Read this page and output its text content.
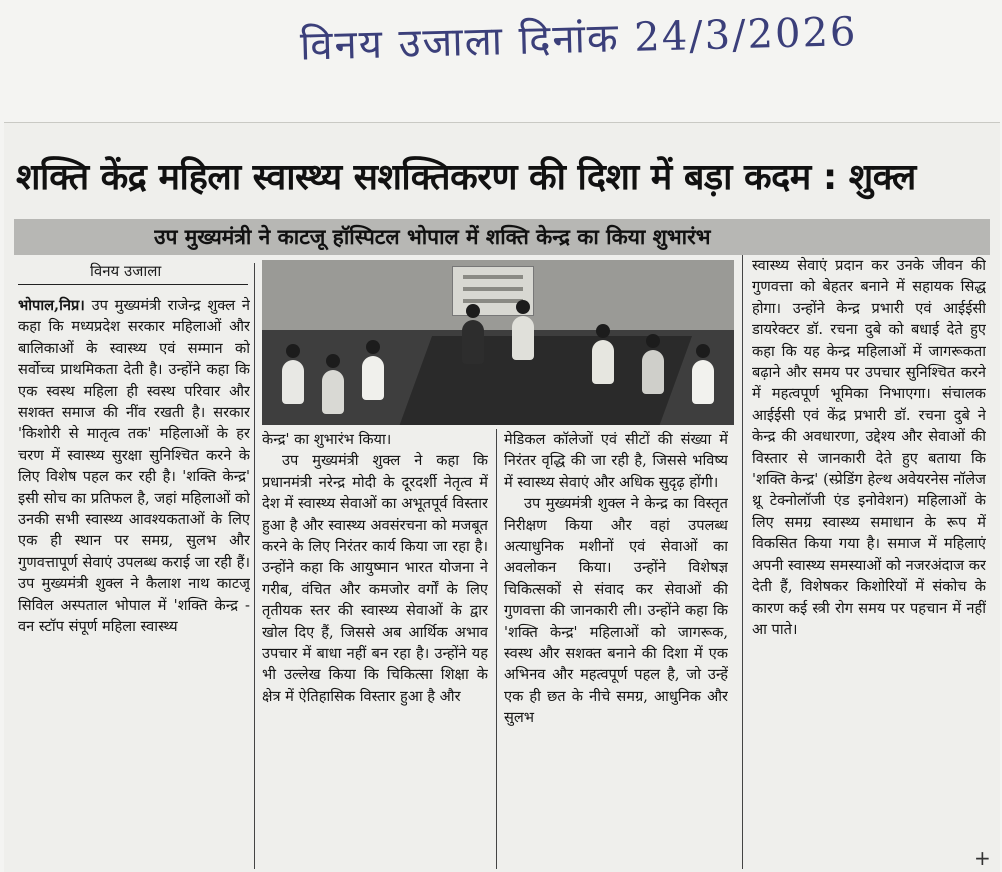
विनय उजाला दिनांक 24/3/2026
शक्ति केंद्र महिला स्वास्थ्य सशक्तिकरण की दिशा में बड़ा कदम : शुक्ल
उप मुख्यमंत्री ने काटजू हॉस्पिटल भोपाल में शक्ति केन्द्र का किया शुभारंभ
विनय उजाला

भोपाल,निप्र। उप मुख्यमंत्री राजेन्द्र शुक्ल ने कहा कि मध्यप्रदेश सरकार महिलाओं और बालिकाओं के स्वास्थ्य एवं सम्मान को सर्वोच्च प्राथमिकता देती है। उन्होंने कहा कि एक स्वस्थ महिला ही स्वस्थ परिवार और सशक्त समाज की नींव रखती है। सरकार 'किशोरी से मातृत्व तक' महिलाओं के हर चरण में स्वास्थ्य सुरक्षा सुनिश्चित करने के लिए विशेष पहल कर रही है। 'शक्ति केन्द्र' इसी सोच का प्रतिफल है, जहां महिलाओं को उनकी सभी स्वास्थ्य आवश्यकताओं के लिए एक ही स्थान पर समग्र, सुलभ और गुणवत्तापूर्ण सेवाएं उपलब्ध कराई जा रही हैं। उप मुख्यमंत्री शुक्ल ने कैलाश नाथ काटजू सिविल अस्पताल भोपाल में 'शक्ति केन्द्र - वन स्टॉप संपूर्ण महिला स्वास्थ्य

केन्द्र' का शुभारंभ किया।

उप मुख्यमंत्री शुक्ल ने कहा कि प्रधानमंत्री नरेन्द्र मोदी के दूरदर्शी नेतृत्व में देश में स्वास्थ्य सेवाओं का अभूतपूर्व विस्तार हुआ है और स्वास्थ्य अवसंरचना को मजबूत करने के लिए निरंतर कार्य किया जा रहा है। उन्होंने कहा कि आयुष्मान भारत योजना ने गरीब, वंचित और कमजोर वर्गों के लिए तृतीयक स्तर की स्वास्थ्य सेवाओं के द्वार खोल दिए हैं, जिससे अब आर्थिक अभाव उपचार में बाधा नहीं बन रहा है। उन्होंने यह भी उल्लेख किया कि चिकित्सा शिक्षा के क्षेत्र में ऐतिहासिक विस्तार हुआ है और

मेडिकल कॉलेजों एवं सीटों की संख्या में निरंतर वृद्धि की जा रही है, जिससे भविष्य में स्वास्थ्य सेवाएं और अधिक सुदृढ़ होंगी।

उप मुख्यमंत्री शुक्ल ने केन्द्र का विस्तृत निरीक्षण किया और वहां उपलब्ध अत्याधुनिक मशीनों एवं सेवाओं का अवलोकन किया। उन्होंने विशेषज्ञ चिकित्सकों से संवाद कर सेवाओं की गुणवत्ता की जानकारी ली। उन्होंने कहा कि 'शक्ति केन्द्र' महिलाओं को जागरूक, स्वस्थ और सशक्त बनाने की दिशा में एक अभिनव और महत्वपूर्ण पहल है, जो उन्हें एक ही छत के नीचे समग्र, आधुनिक और सुलभ

स्वास्थ्य सेवाएं प्रदान कर उनके जीवन की गुणवत्ता को बेहतर बनाने में सहायक सिद्ध होगा। उन्होंने केन्द्र प्रभारी एवं आईईसी डायरेक्टर डॉ. रचना दुबे को बधाई देते हुए कहा कि यह केन्द्र महिलाओं में जागरूकता बढ़ाने और समय पर उपचार सुनिश्चित करने में महत्वपूर्ण भूमिका निभाएगा। संचालक आईईसी एवं केंद्र प्रभारी डॉ. रचना दुबे ने केन्द्र की अवधारणा, उद्देश्य और सेवाओं की विस्तार से जानकारी देते हुए बताया कि 'शक्ति केन्द्र' (स्प्रेडिंग हेल्थ अवेयरनेस नॉलेज थ्रू टेक्नोलॉजी एंड इनोवेशन) महिलाओं के लिए समग्र स्वास्थ्य समाधान के रूप में विकसित किया गया है। समाज में महिलाएं अपनी स्वास्थ्य समस्याओं को नजरअंदाज कर देती हैं, विशेषकर किशोरियों में संकोच के कारण कई स्त्री रोग समय पर पहचान में नहीं आ पाते।

+
